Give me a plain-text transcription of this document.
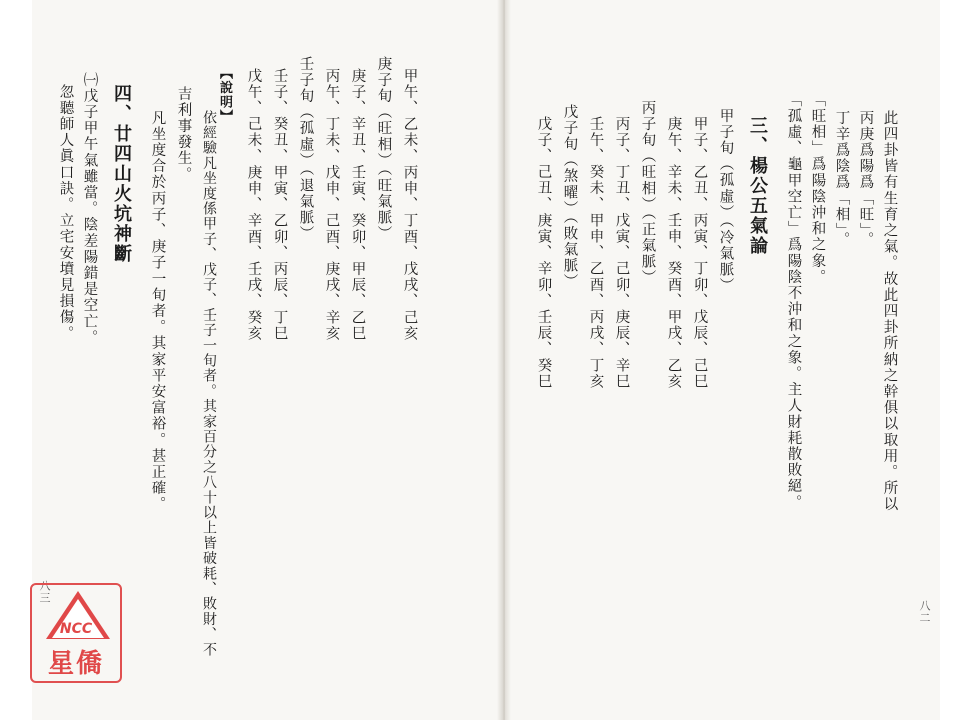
甲午、乙未、丙申、丁酉、戊戌、己亥
庚子旬（旺相）（旺氣脈）
庚子、辛丑、壬寅、癸卯、甲辰、乙巳
丙午、丁未、戊申、己酉、庚戌、辛亥
壬子旬（孤虛）（退氣脈）
壬子、癸丑、甲寅、乙卯、丙辰、丁巳
戊午、己未、庚申、辛酉、壬戌、癸亥
【說明】
依經驗凡坐度係甲子、戊子、壬子一旬者。其家百分之八十以上皆破耗、敗財、不
吉利事發生。
凡坐度合於丙子、庚子一旬者。其家平安富裕。甚正確。
四、廿四山火坑神斷
㈠戊子甲午氣雖當。陰差陽錯是空亡。
忽聽師人眞口訣。立宅安墳見損傷。
八三
此四卦皆有生育之氣。故此四卦所納之幹俱以取用。所以
丙庚爲陽爲「旺」。
丁辛爲陰爲「相」。
「旺相」爲陽陰沖和之象。
「孤虛、龜甲空亡」爲陽陰不沖和之象。主人財耗散敗絕。
三、楊公五氣論
甲子旬（孤虛）（冷氣脈）
甲子、乙丑、丙寅、丁卯、戊辰、己巳
庚午、辛未、壬申、癸酉、甲戌、乙亥
丙子旬（旺相）（正氣脈）
丙子、丁丑、戊寅、己卯、庚辰、辛巳
壬午、癸未、甲申、乙酉、丙戌、丁亥
戊子旬（煞曜）（敗氣脈）
戊子、己丑、庚寅、辛卯、壬辰、癸巳
八二
NCC
星僑
